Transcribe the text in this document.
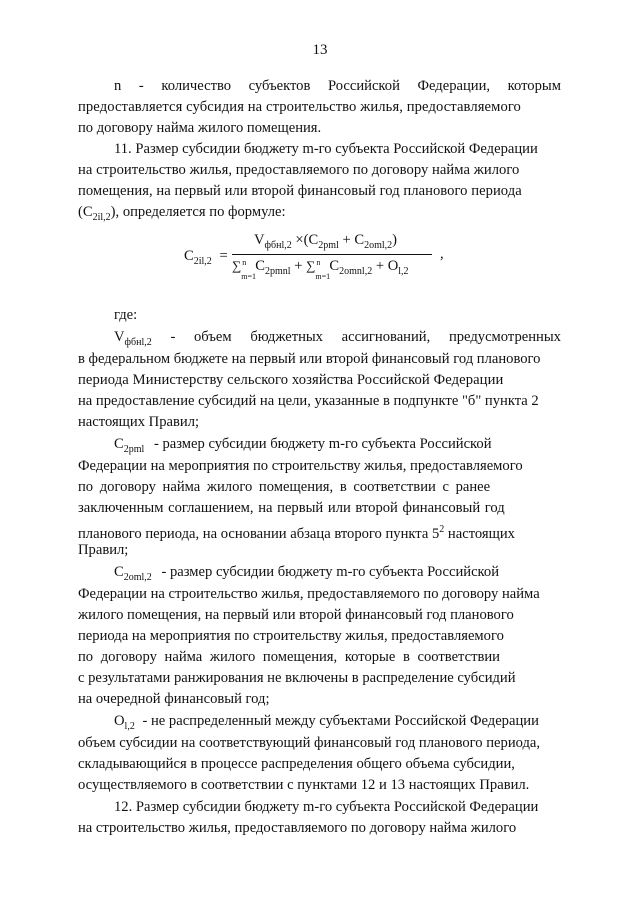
13
n - количество субъектов Российской Федерации, которым
предоставляется субсидия на строительство жилья, предоставляемого
по договору найма жилого помещения.
11. Размер субсидии бюджету m-го субъекта Российской Федерации
на строительство жилья, предоставляемого по договору найма жилого
помещения, на первый или второй финансовый год планового периода
$(C_{2il,2})$, определяется по формуле:
$C_{2il,2}$ =
$V_{фбнl,2} \times(C_{2pml} + C_{2oml,2})$
∑ n
m=1
$C_{2pmnl}$ + ∑ n
m=1
$C_{2omnl,2} + O_{l,2}$
,
где:
$V_{фбнl,2}$ - объем бюджетных ассигнований, предусмотренных
в федеральном бюджете на первый или второй финансовый год планового
периода Министерству сельского хозяйства Российской Федерации
на предоставление субсидий на цели, указанные в подпункте "б" пункта 2
настоящих Правил;
$C_{2pml}$ - размер субсидии бюджету m-го субъекта Российской
Федерации на мероприятия по строительству жилья, предоставляемого
по договору найма жилого помещения, в соответствии с ранее
заключенным соглашением, на первый или второй финансовый год
планового периода, на основании абзаца второго пункта $5^2$ настоящих
Правил;
$C_{2oml,2}$ - размер субсидии бюджету m-го субъекта Российской
Федерации на строительство жилья, предоставляемого по договору найма
жилого помещения, на первый или второй финансовый год планового
периода на мероприятия по строительству жилья, предоставляемого
по договору найма жилого помещения, которые в соответствии
с результатами ранжирования не включены в распределение субсидий
на очередной финансовый год;
$O_{l,2}$ - не распределенный между субъектами Российской Федерации
объем субсидии на соответствующий финансовый год планового периода,
складывающийся в процессе распределения общего объема субсидии,
осуществляемого в соответствии с пунктами 12 и 13 настоящих Правил.
12. Размер субсидии бюджету m-го субъекта Российской Федерации
на строительство жилья, предоставляемого по договору найма жилого
